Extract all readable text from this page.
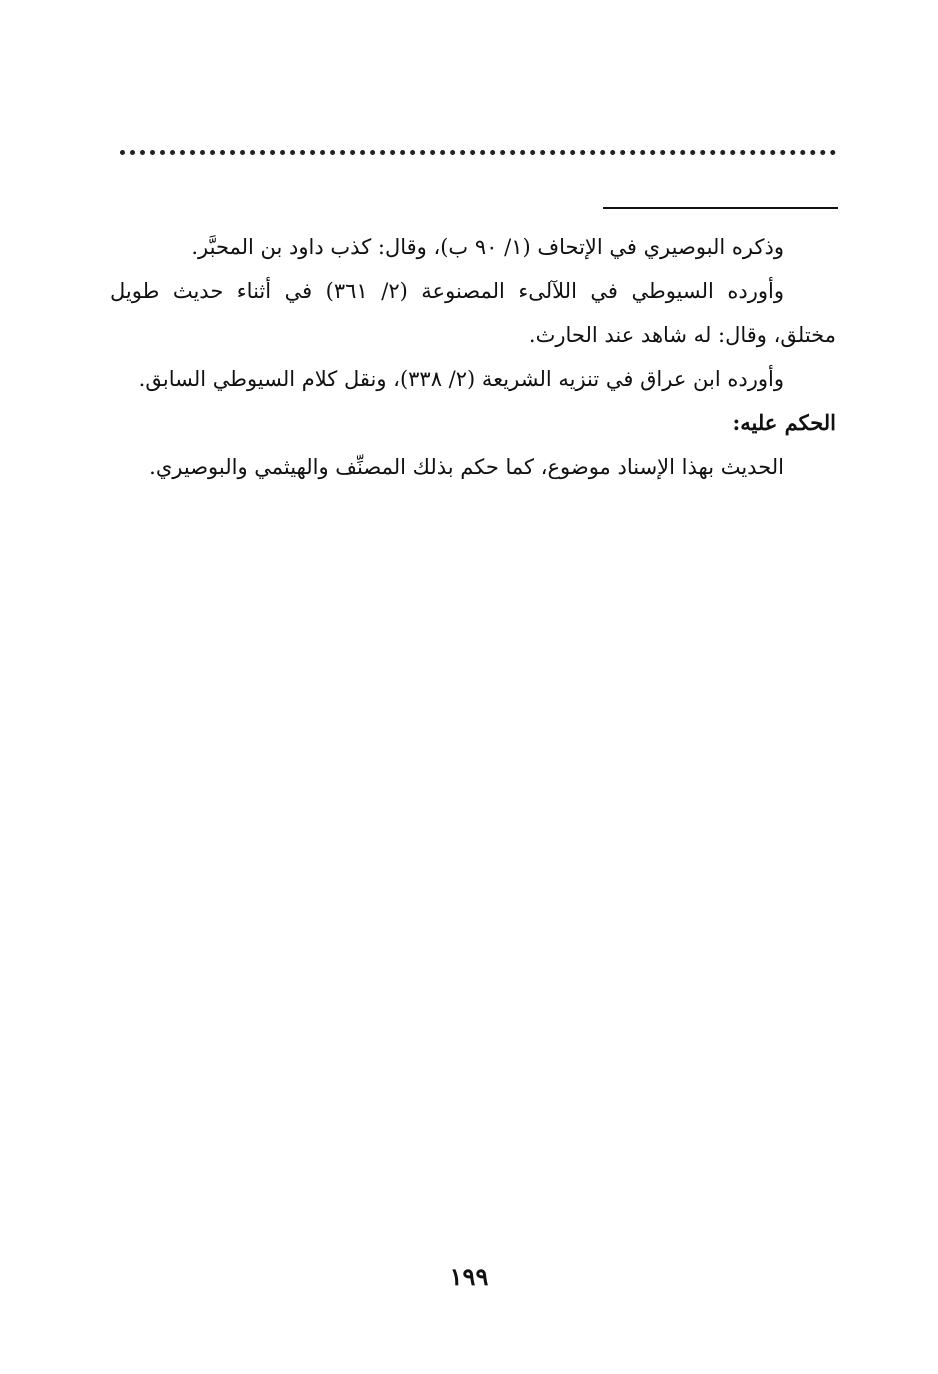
وذكره البوصيري في الإتحاف (١/ ٩٠ ب)، وقال: كذب داود بن المحبَّر.

وأورده السيوطي في اللآلىء المصنوعة (٢/ ٣٦١) في أثناء حديث طويل مختلق، وقال: له شاهد عند الحارث.

وأورده ابن عراق في تنزيه الشريعة (٢/ ٣٣٨)، ونقل كلام السيوطي السابق.

الحكم عليه:

الحديث بهذا الإسناد موضوع، كما حكم بذلك المصنِّف والهيثمي والبوصيري.

١٩٩
